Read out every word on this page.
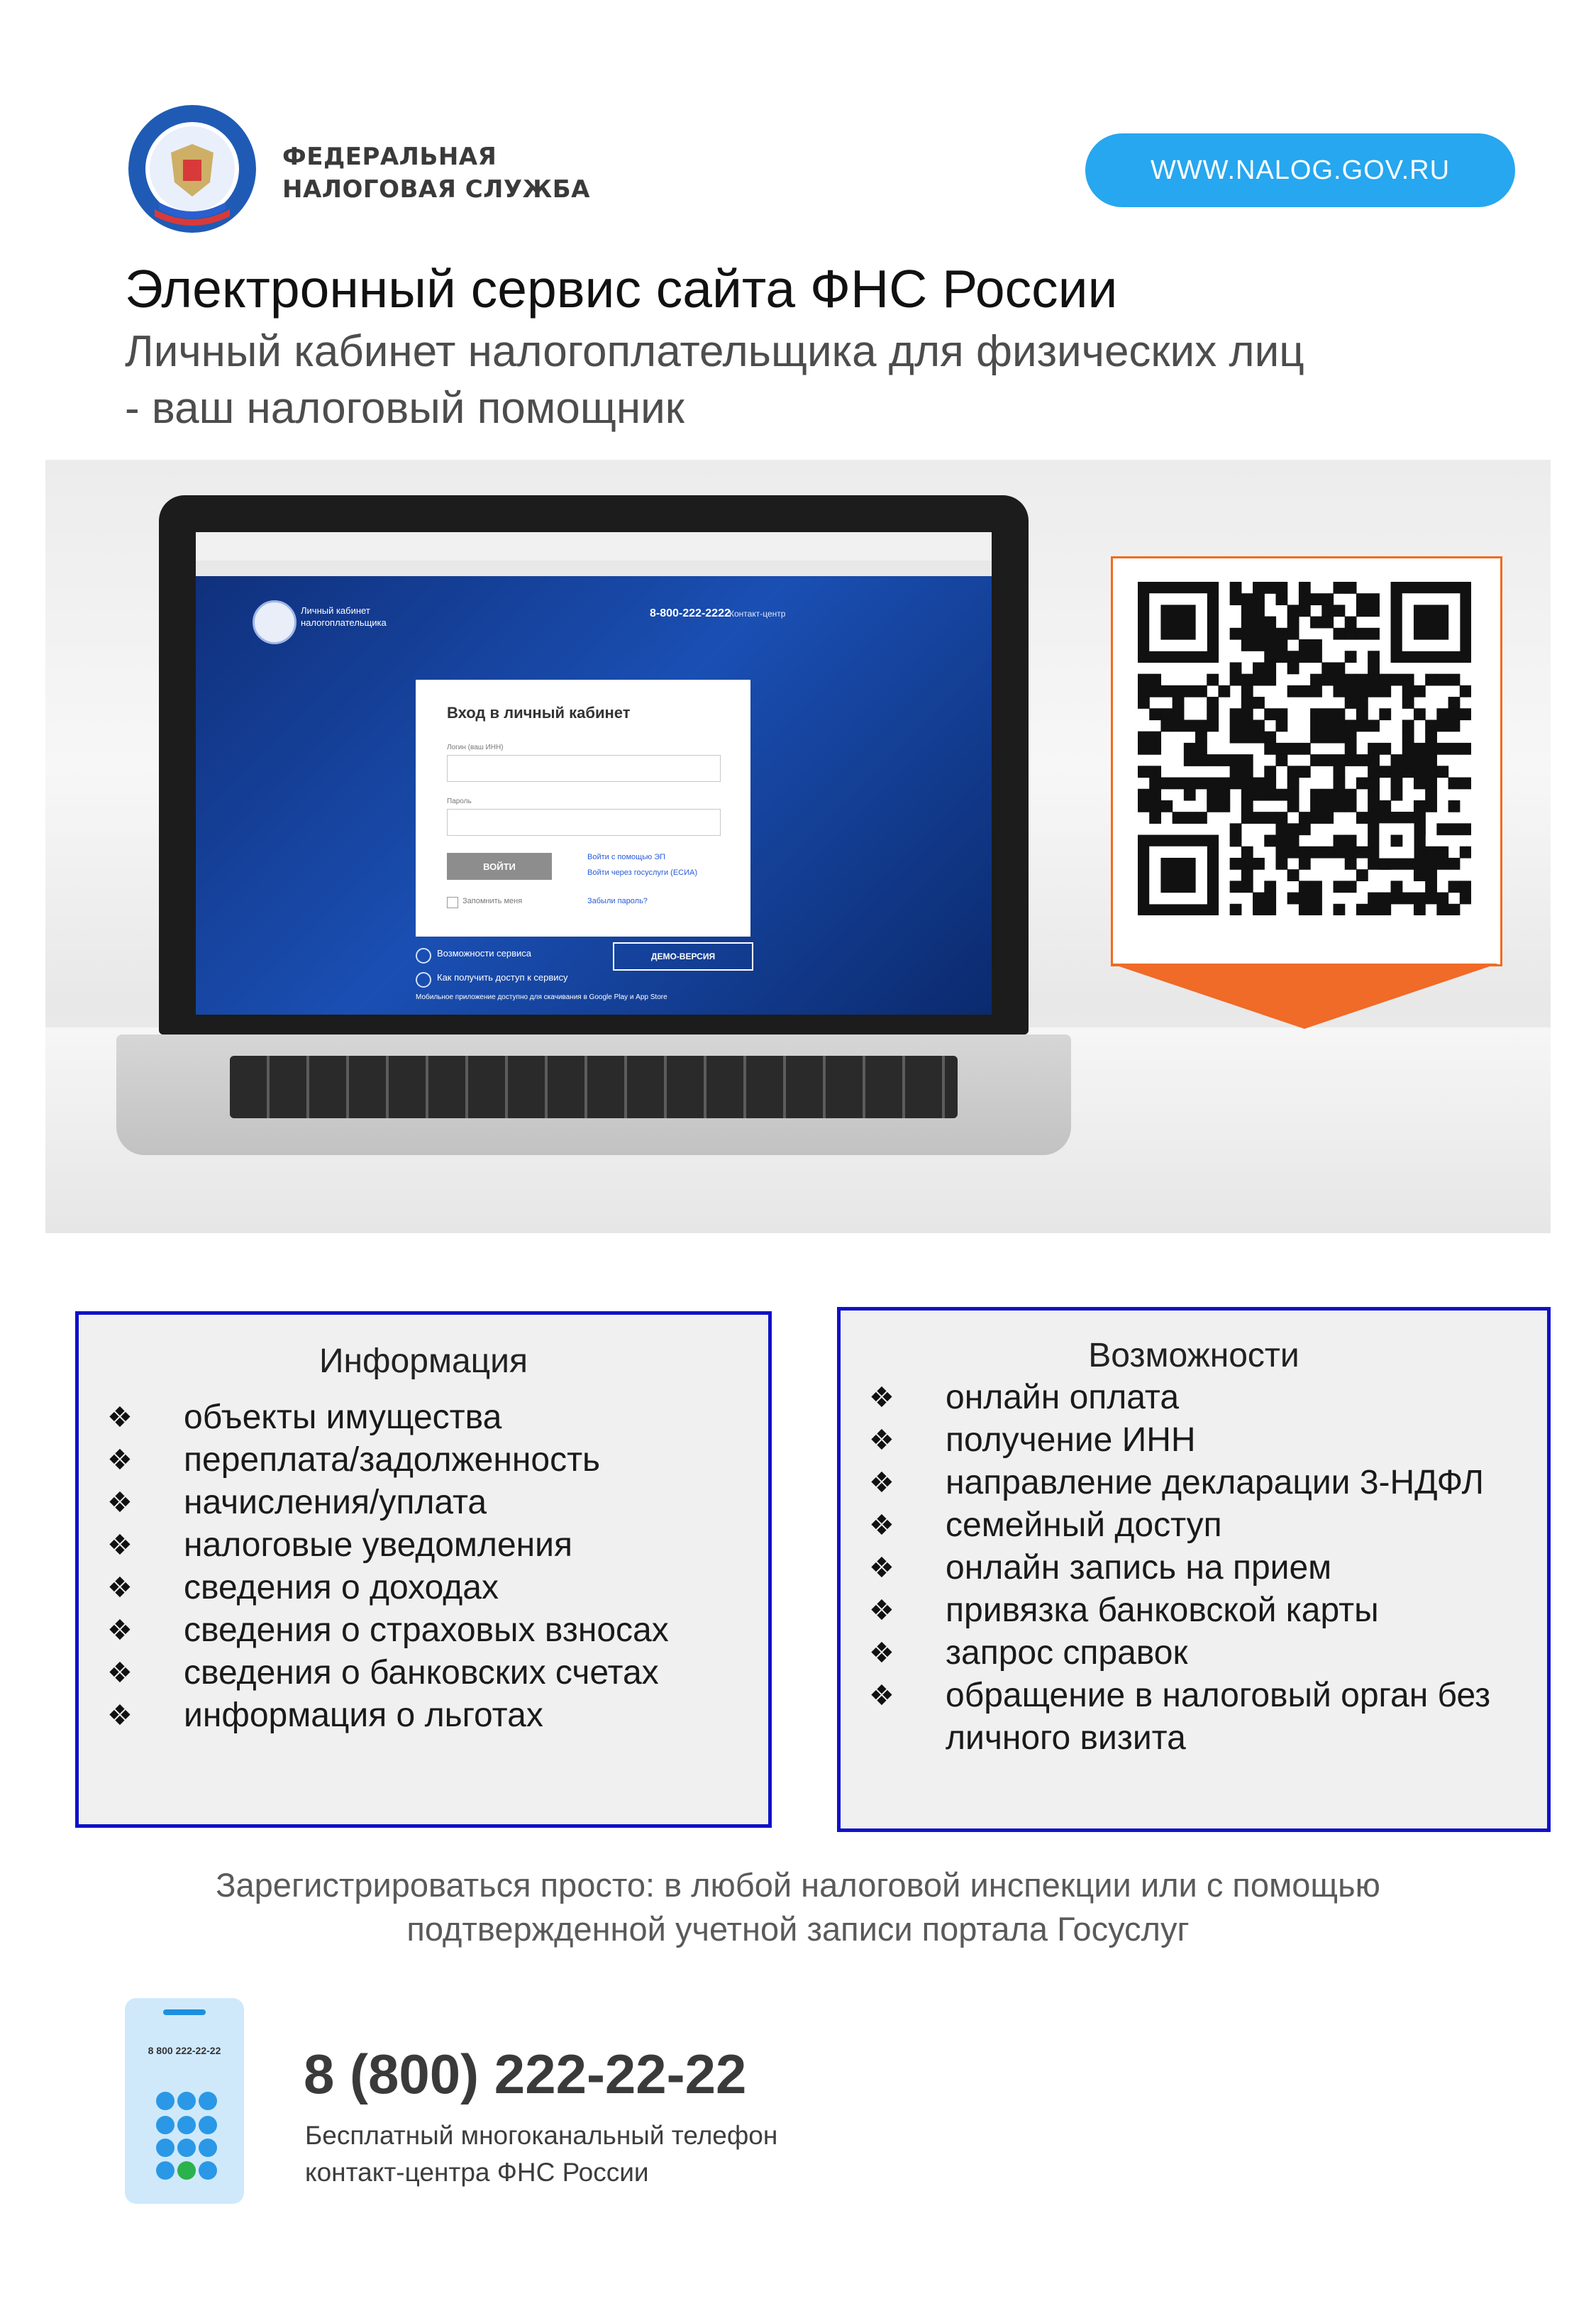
ФЕДЕРАЛЬНАЯ
НАЛОГОВАЯ СЛУЖБА
WWW.NALOG.GOV.RU
Электронный сервис сайта ФНС России
Личный кабинет налогоплательщика для физических лиц
- ваш налоговый помощник
Личный кабинет
налогоплательщика
8-800-222-2222
Контакт-центр
Вход в личный кабинет
Логин (ваш ИНН)
Пароль
ВОЙТИ
Войти с помощью ЭП
Войти через госуслуги (ЕСИА)
Запомнить меня	Забыли пароль?
Возможности сервиса
Как получить доступ к сервису
ДЕМО-ВЕРСИЯ
Мобильное приложение доступно для скачивания в Google Play и App Store
Информация
❖ объекты имущества
❖ переплата/задолженность
❖ начисления/уплата
❖ налоговые уведомления
❖ сведения о доходах
❖ сведения о страховых взносах
❖ сведения о банковских счетах
❖ информация о льготах
Возможности
❖ онлайн оплата
❖ получение ИНН
❖ направление декларации 3-НДФЛ
❖ семейный доступ
❖ онлайн запись на прием
❖ привязка банковской карты
❖ запрос справок
❖ обращение в налоговый орган без личного визита
Зарегистрироваться просто: в любой налоговой инспекции или с помощью
подтвержденной учетной записи портала Госуслуг
8 800 222-22-22	8 (800) 222-22-22
Бесплатный многоканальный телефон
контакт-центра ФНС России
